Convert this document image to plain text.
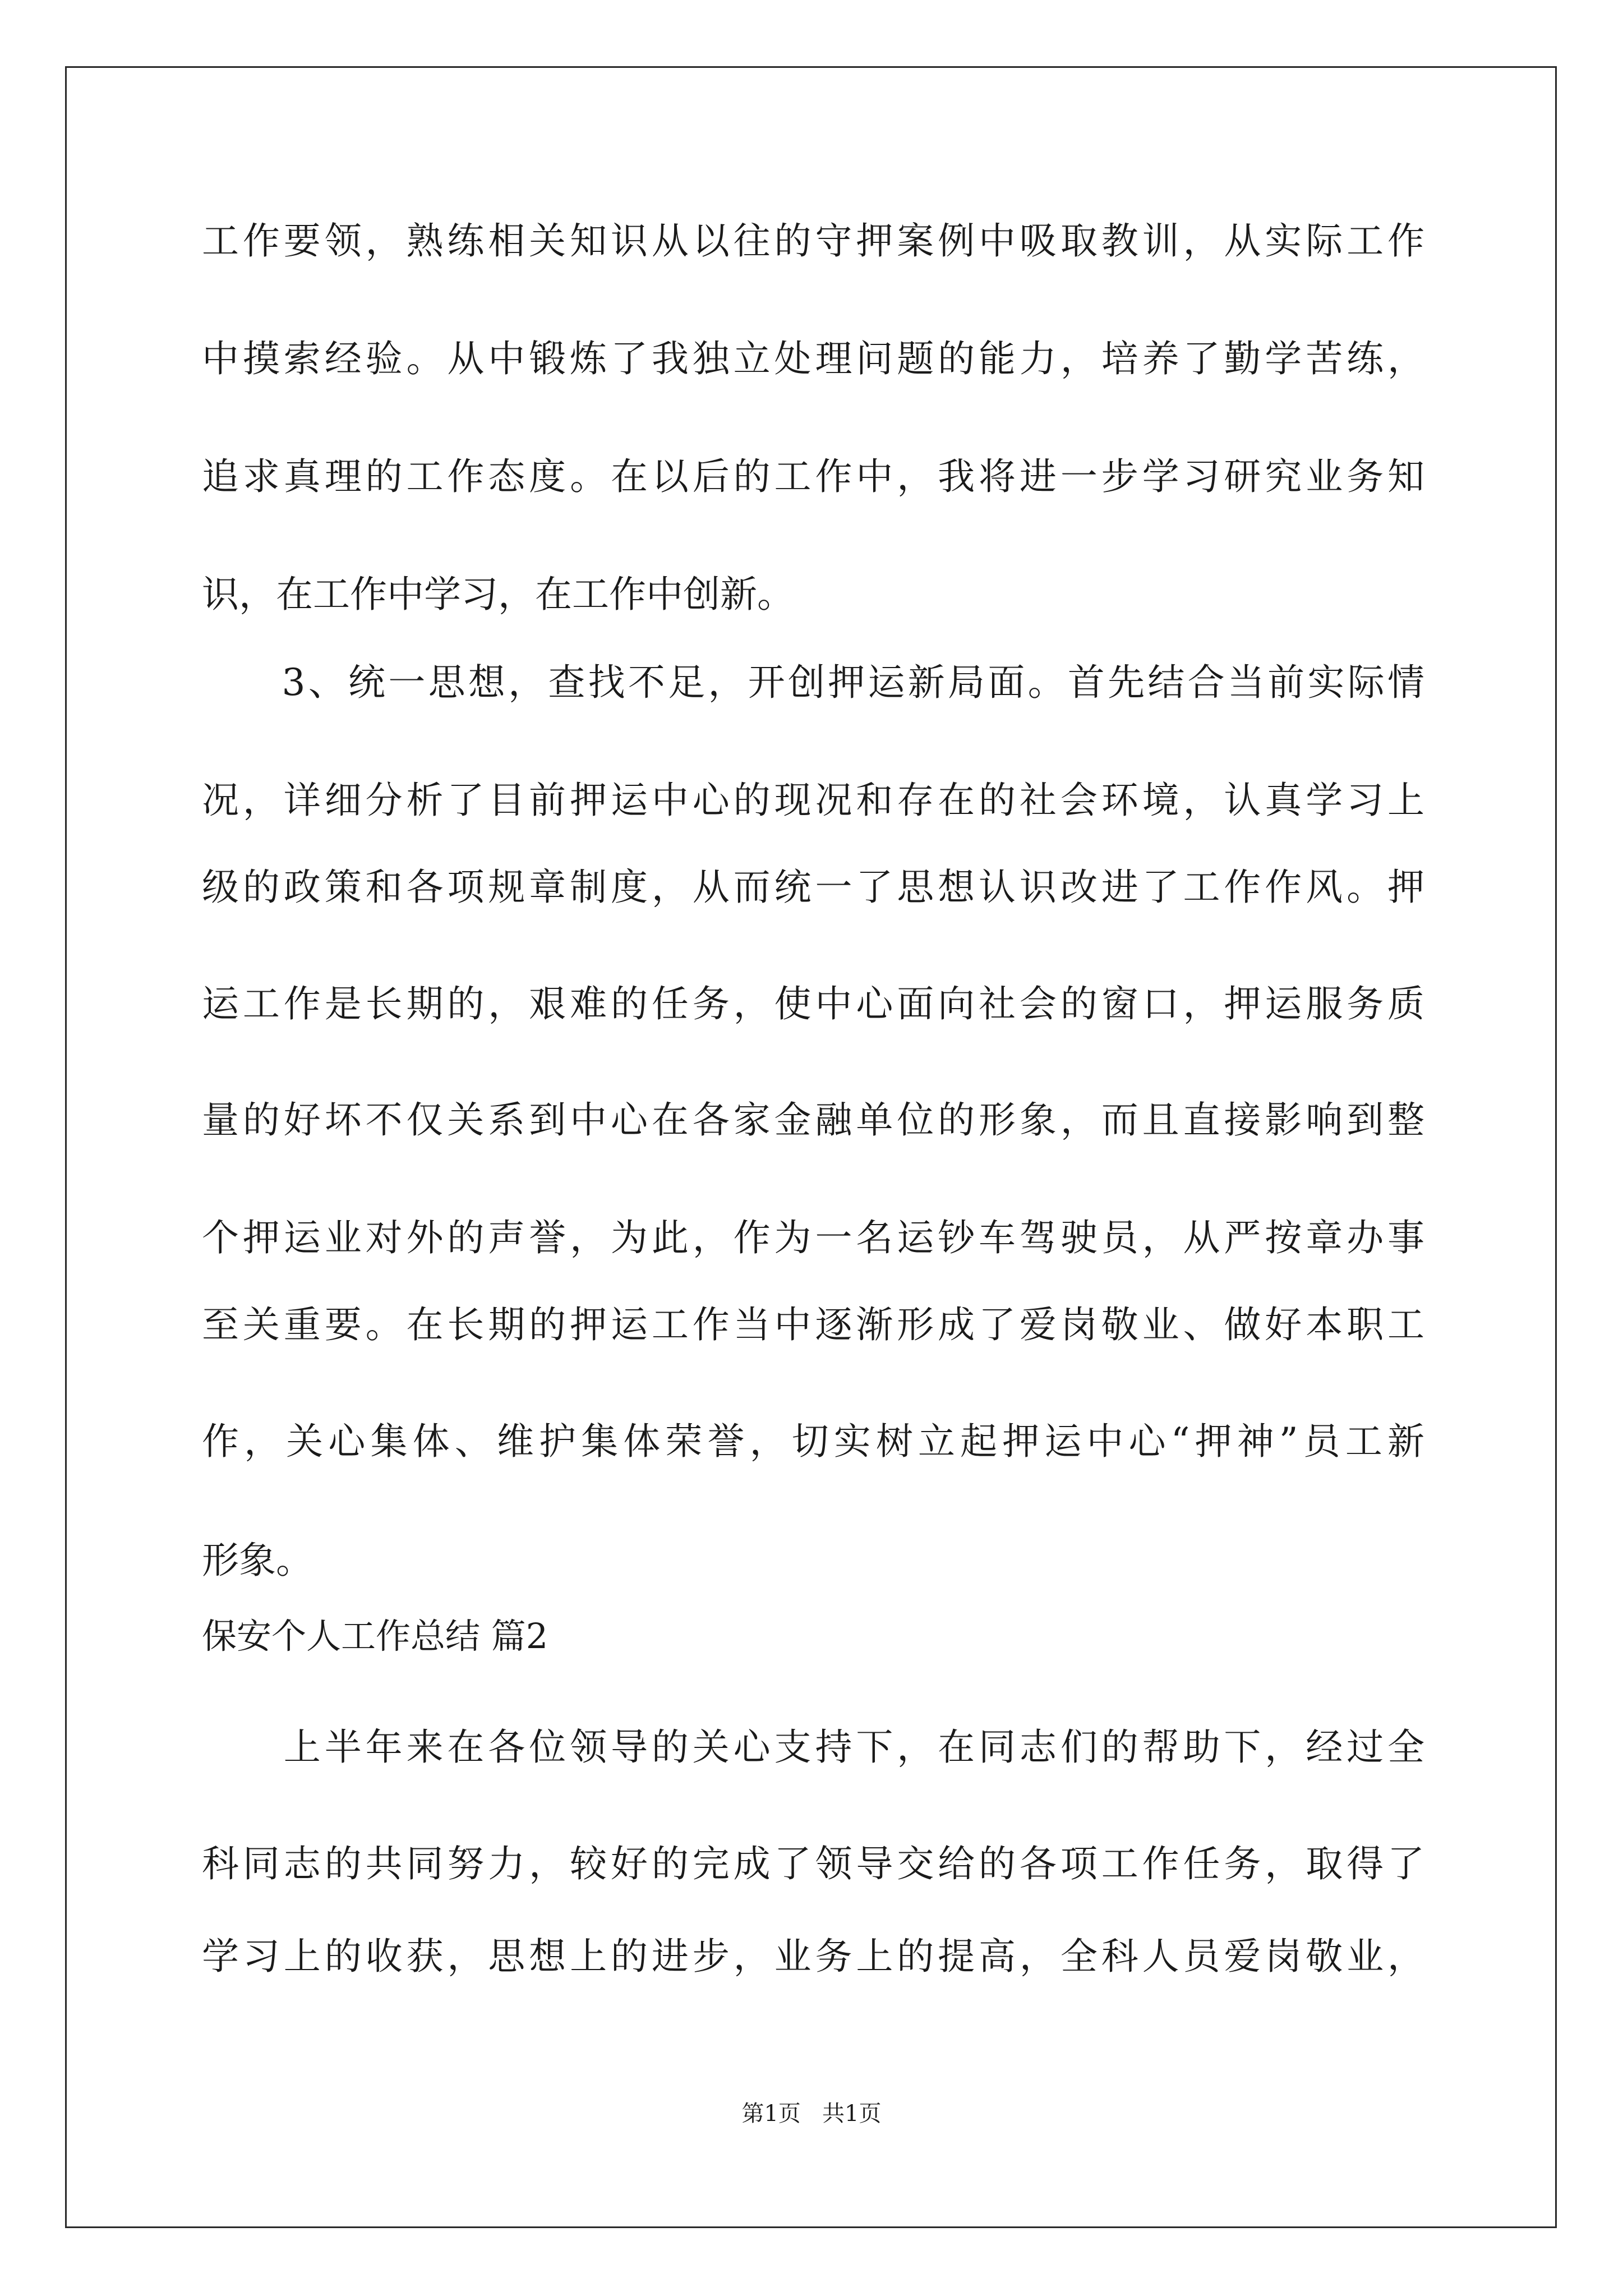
工作要领，熟练相关知识从以往的守押案例中吸取教训，从实际工作
中摸索经验。从中锻炼了我独立处理问题的能力，培养了勤学苦练，
追求真理的工作态度。在以后的工作中，我将进一步学习研究业务知
识，在工作中学习，在工作中创新。
　　3、统一思想，查找不足，开创押运新局面。首先结合当前实际情
况，详细分析了目前押运中心的现况和存在的社会环境，认真学习上
级的政策和各项规章制度，从而统一了思想认识改进了工作作风。押
运工作是长期的，艰难的任务，使中心面向社会的窗口，押运服务质
量的好坏不仅关系到中心在各家金融单位的形象，而且直接影响到整
个押运业对外的声誉，为此，作为一名运钞车驾驶员，从严按章办事
至关重要。在长期的押运工作当中逐渐形成了爱岗敬业、做好本职工
作，关心集体、维护集体荣誉，切实树立起押运中心“押神”员工新
形象。
保安个人工作总结 篇2
　　上半年来在各位领导的关心支持下，在同志们的帮助下，经过全
科同志的共同努力，较好的完成了领导交给的各项工作任务，取得了
学习上的收获，思想上的进步，业务上的提高，全科人员爱岗敬业，
第1页   共1页
